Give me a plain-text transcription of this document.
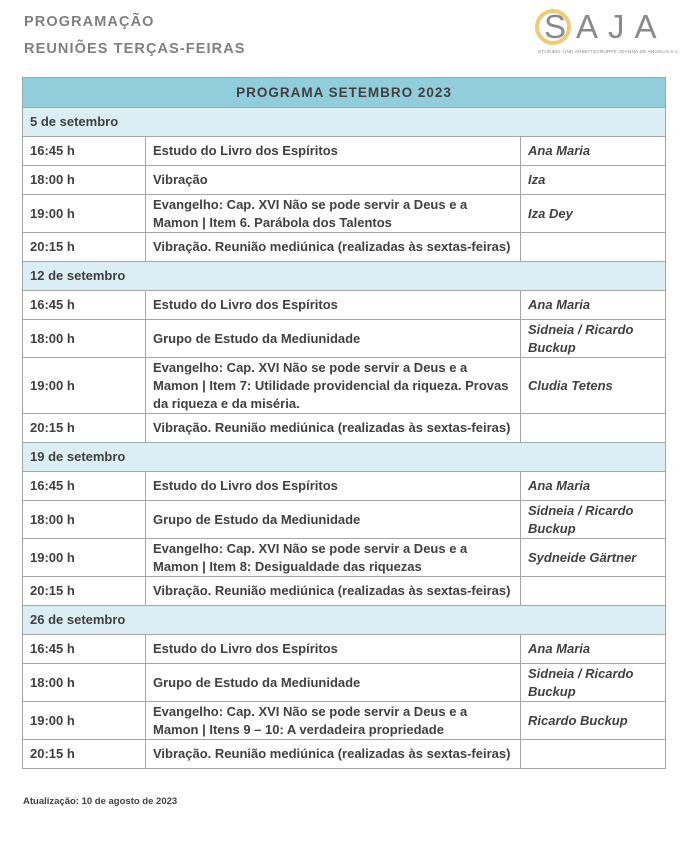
PROGRAMAÇÃO
REUNIÕES TERÇAS-FEIRAS
SAJA
STUDIEN- UND ARBEITSGRUPPE JOANNA DE ANGELIS e.V.
PROGRAMA SETEMBRO 2023		
5 de setembro		
16:45 h	Estudo do Livro dos Espíritos	Ana Maria
18:00 h	Vibração	Iza
19:00 h	Evangelho: Cap. XVI Não se pode servir a Deus e a Mamon | Item 6. Parábola dos Talentos	Iza Dey
20:15 h	Vibração. Reunião mediúnica (realizadas às sextas-feiras)	
12 de setembro		
16:45 h	Estudo do Livro dos Espíritos	Ana Maria
18:00 h	Grupo de Estudo da Mediunidade	Sidneia / Ricardo Buckup
19:00 h	Evangelho: Cap. XVI Não se pode servir a Deus e a Mamon | Item 7: Utilidade providencial da riqueza. Provas da riqueza e da miséria.	Cludia Tetens
20:15 h	Vibração. Reunião mediúnica (realizadas às sextas-feiras)	
19 de setembro		
16:45 h	Estudo do Livro dos Espíritos	Ana Maria
18:00 h	Grupo de Estudo da Mediunidade	Sidneia / Ricardo Buckup
19:00 h	Evangelho: Cap. XVI Não se pode servir a Deus e a Mamon | Item 8: Desigualdade das riquezas	Sydneide Gärtner
20:15 h	Vibração. Reunião mediúnica (realizadas às sextas-feiras)	
26 de setembro		
16:45 h	Estudo do Livro dos Espíritos	Ana Maria
18:00 h	Grupo de Estudo da Mediunidade	Sidneia / Ricardo Buckup
19:00 h	Evangelho: Cap. XVI Não se pode servir a Deus e a Mamon | Itens 9 – 10: A verdadeira propriedade	Ricardo Buckup
20:15 h	Vibração. Reunião mediúnica (realizadas às sextas-feiras)	
Atualização: 10 de agosto de 2023
